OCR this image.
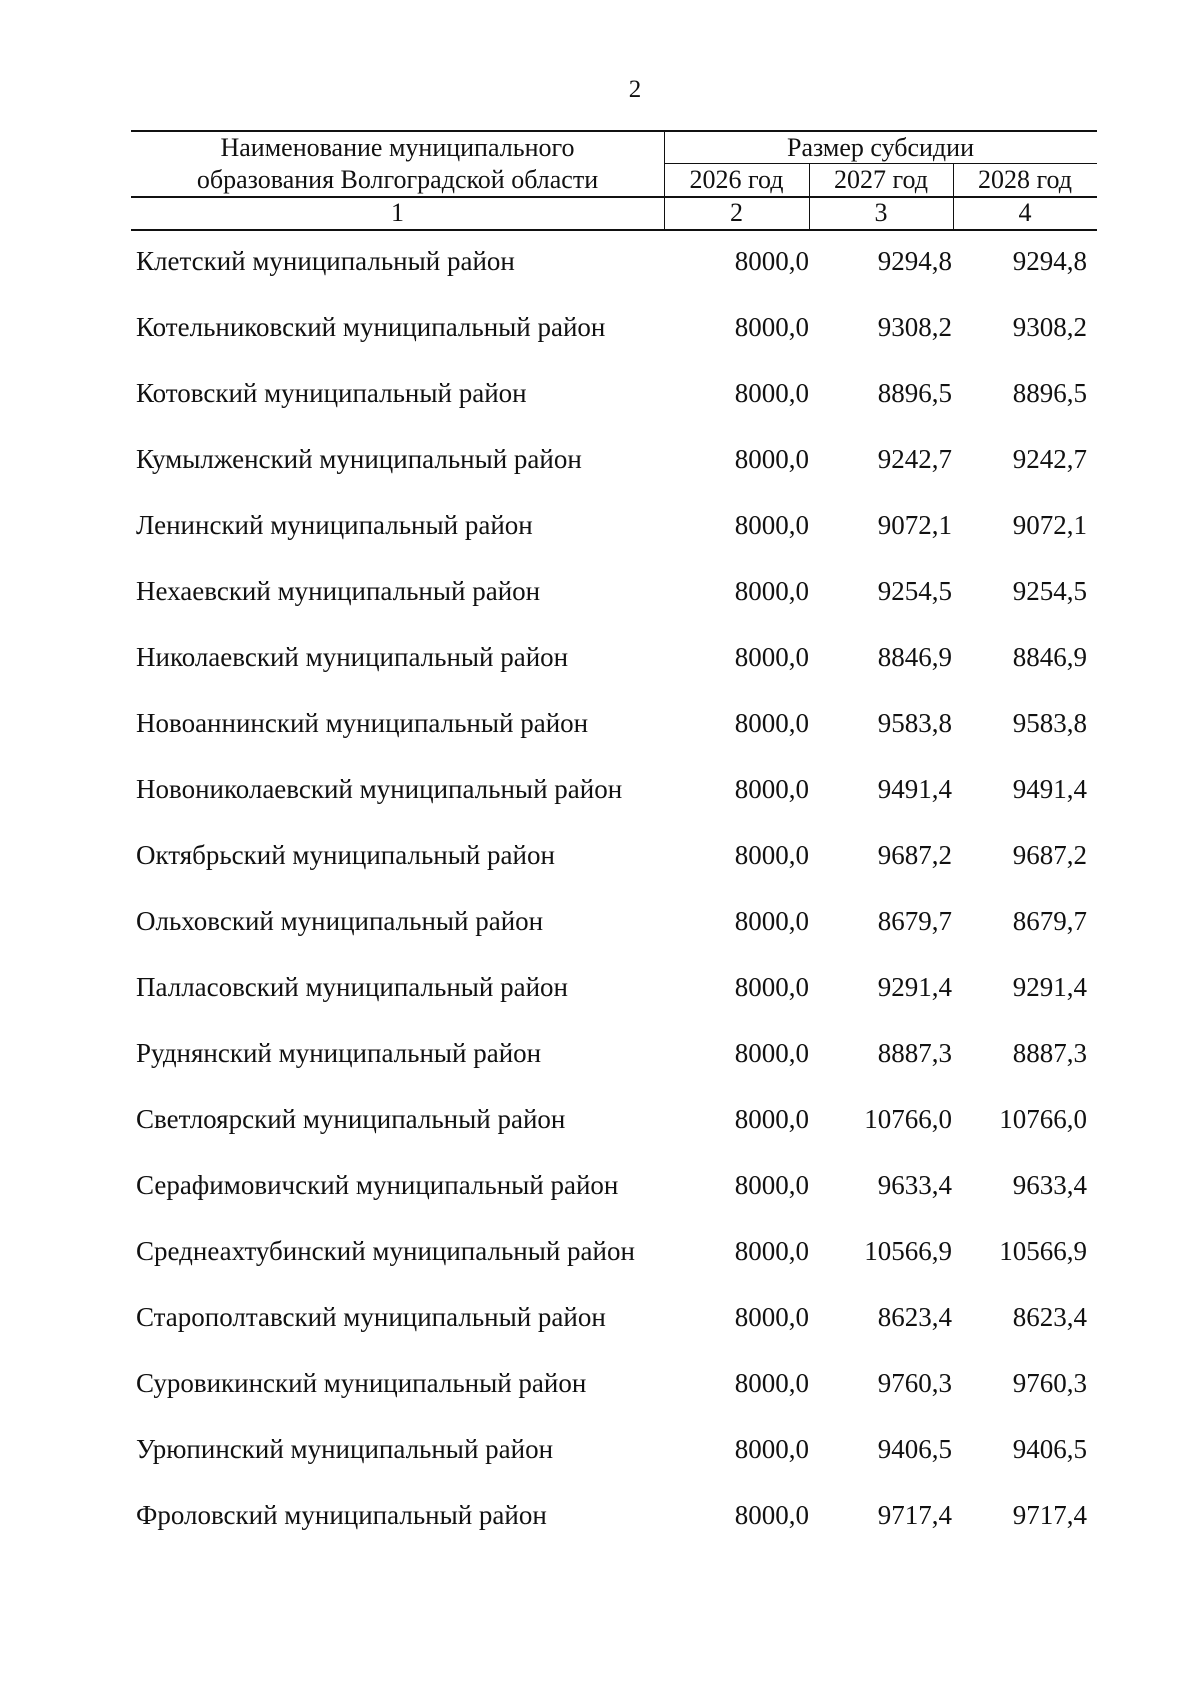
2
Наименование муниципального
образования Волгоградской области
Размер субсидии
2026 год	2027 год	2028 год
1	2	3	4
Клетский муниципальный район	8000,0	9294,8 9294,8
Котельниковский муниципальный район	8000,0	9308,2 9308,2
Котовский муниципальный район	8000,0	8896,5 8896,5
Кумылженский муниципальный район	8000,0	9242,7 9242,7
Ленинский муниципальный район	8000,0	9072,1 9072,1
Нехаевский муниципальный район	8000,0	9254,5 9254,5
Николаевский муниципальный район	8000,0	8846,9 8846,9
Новоаннинский муниципальный район	8000,0	9583,8 9583,8
Новониколаевский муниципальный район	8000,0	9491,4 9491,4
Октябрьский муниципальный район	8000,0	9687,2 9687,2
Ольховский муниципальный район	8000,0	8679,7 8679,7
Палласовский муниципальный район	8000,0	9291,4 9291,4
Руднянский муниципальный район	8000,0	8887,3 8887,3
Светлоярский муниципальный район	8000,0 10766,0 10766,0
Серафимовичский муниципальный район	8000,0	9633,4 9633,4
Среднеахтубинский муниципальный район	8000,0 10566,9 10566,9
Старополтавский муниципальный район	8000,0	8623,4 8623,4
Суровикинский муниципальный район	8000,0	9760,3 9760,3
Урюпинский муниципальный район	8000,0	9406,5 9406,5
Фроловский муниципальный район	8000,0	9717,4 9717,4
